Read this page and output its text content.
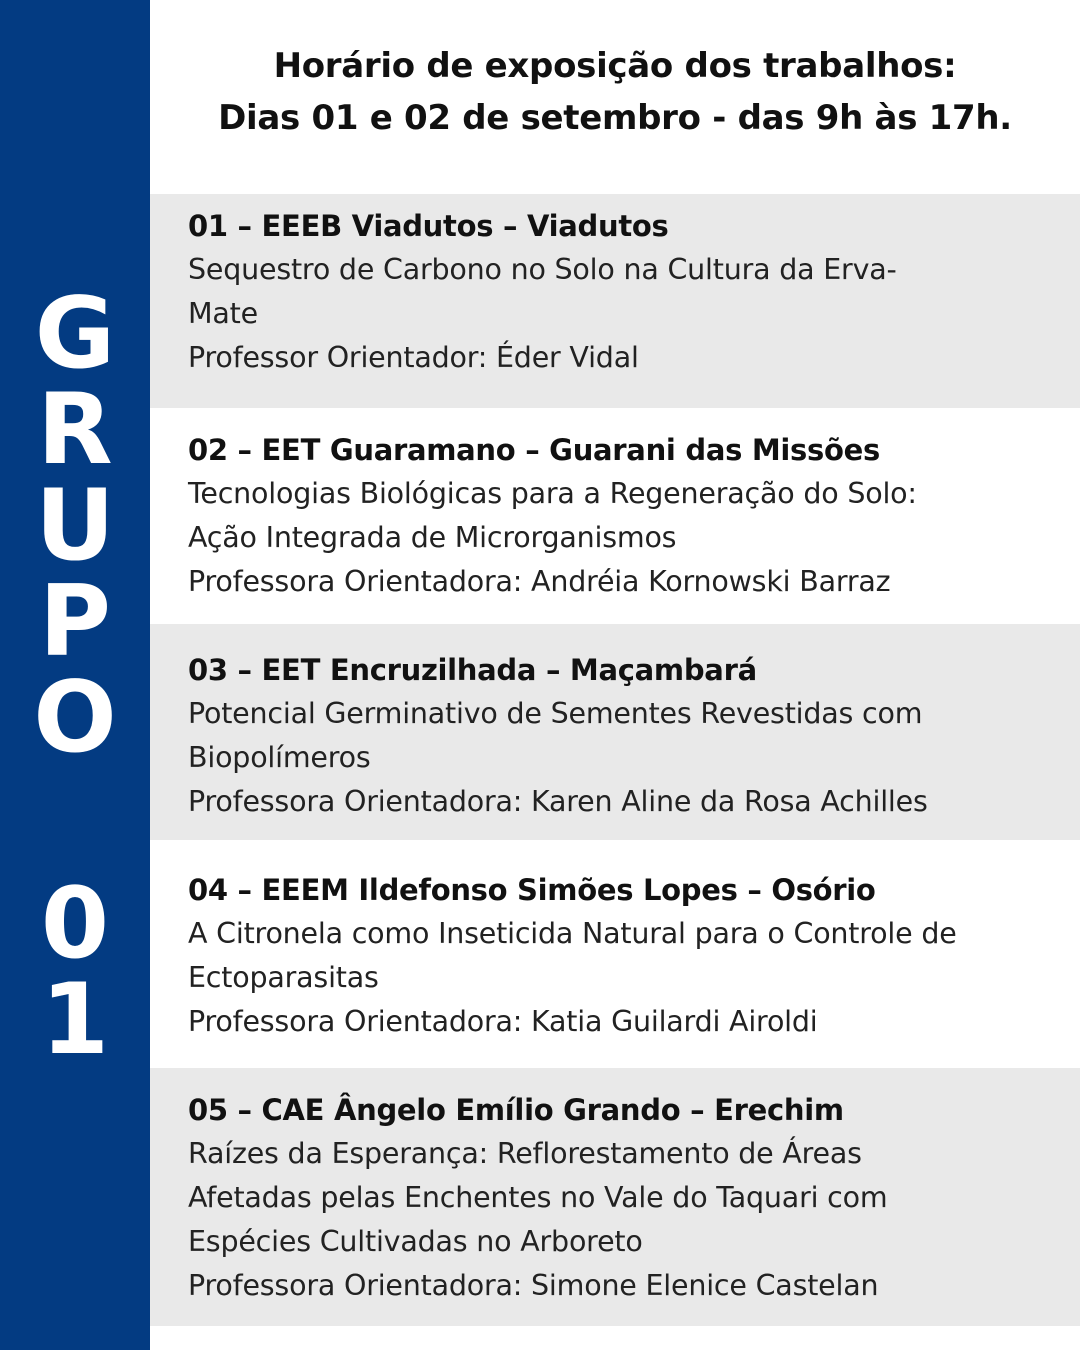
G
R
U
P
O
0
1
Horário de exposição dos trabalhos:
Dias 01 e 02 de setembro - das 9h às 17h.
01 – EEEB Viadutos – Viadutos
Sequestro de Carbono no Solo na Cultura da Erva-
Mate
Professor Orientador: Éder Vidal
02 – EET Guaramano – Guarani das Missões
Tecnologias Biológicas para a Regeneração do Solo:
Ação Integrada de Microrganismos
Professora Orientadora: Andréia Kornowski Barraz
03 – EET Encruzilhada – Maçambará
Potencial Germinativo de Sementes Revestidas com
Biopolímeros
Professora Orientadora: Karen Aline da Rosa Achilles
04 – EEEM Ildefonso Simões Lopes – Osório
A Citronela como Inseticida Natural para o Controle de
Ectoparasitas
Professora Orientadora: Katia Guilardi Airoldi
05 – CAE Ângelo Emílio Grando – Erechim
Raízes da Esperança: Reflorestamento de Áreas
Afetadas pelas Enchentes no Vale do Taquari com
Espécies Cultivadas no Arboreto
Professora Orientadora: Simone Elenice Castelan
